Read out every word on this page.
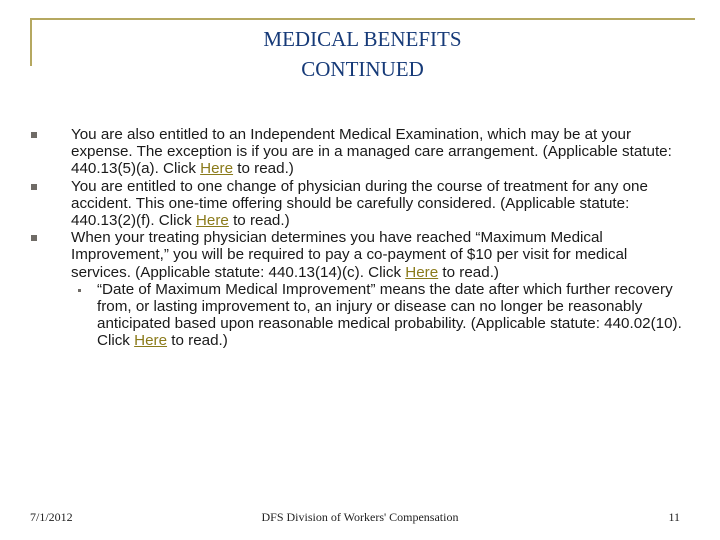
MEDICAL BENEFITS
CONTINUED

You are also entitled to an Independent Medical Examination, which may be at your expense. The exception is if you are in a managed care arrangement. (Applicable statute: 440.13(5)(a). Click Here to read.)

You are entitled to one change of physician during the course of treatment for any one accident. This one-time offering should be carefully considered. (Applicable statute: 440.13(2)(f). Click Here to read.)

When your treating physician determines you have reached “Maximum Medical Improvement,” you will be required to pay a co-payment of $10 per visit for medical services. (Applicable statute: 440.13(14)(c). Click Here to read.)

“Date of Maximum Medical Improvement” means the date after which further recovery from, or lasting improvement to, an injury or disease can no longer be reasonably anticipated based upon reasonable medical probability. (Applicable statute: 440.02(10). Click Here to read.)

7/1/2012	DFS Division of Workers' Compensation	11
